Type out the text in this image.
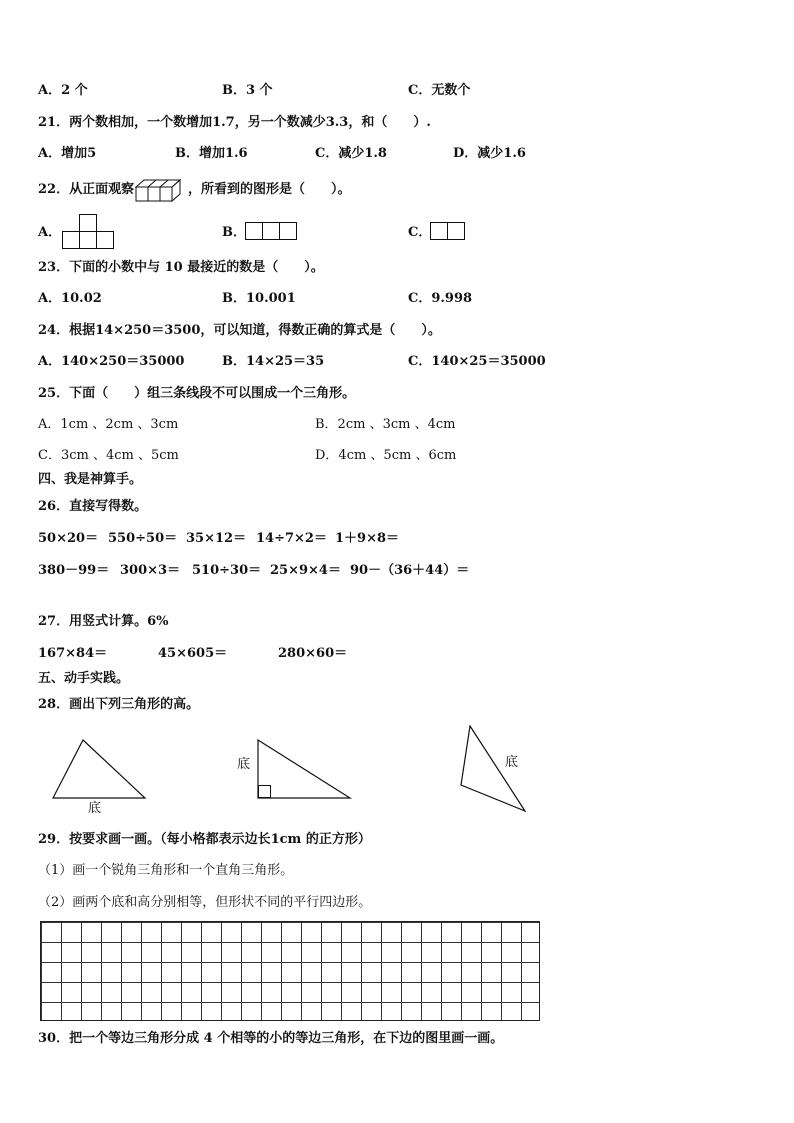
A．2 个	B．3 个	C．无数个
21．两个数相加，一个数增加1.7，另一个数减少3.3，和（　　）.
A．增加5	B．增加1.6	C．减少1.8	D．减少1.6
22．从正面观察	，所看到的图形是（　　）。
A．	B．	C．
23．下面的小数中与 10 最接近的数是（　　）。
A．10.02	B．10.001	C．9.998
24．根据14×250＝3500，可以知道，得数正确的算式是（　　）。
A．140×250＝35000	B．14×25＝35	C．140×25＝35000
25．下面（　　）组三条线段不可以围成一个三角形。
A．1cm 、2cm 、3cm	B．2cm 、3cm 、4cm
C．3cm 、4cm 、5cm	D．4cm 、5cm 、6cm
四、我是神算手。
26．直接写得数。
50×20＝ 550÷50＝ 35×12＝ 14÷7×2＝ 1＋9×8＝
380－99＝ 300×3＝ 510÷30＝ 25×9×4＝ 90－（36＋44）＝
27．用竖式计算。6%
167×84＝	45×605＝	280×60＝
五、动手实践。
28．画出下列三角形的高。
底
底	底
29．按要求画一画。（每小格都表示边长1cm 的正方形）
（1）画一个锐角三角形和一个直角三角形。
（2）画两个底和高分别相等，但形状不同的平行四边形。
30．把一个等边三角形分成 4 个相等的小的等边三角形，在下边的图里画一画。
